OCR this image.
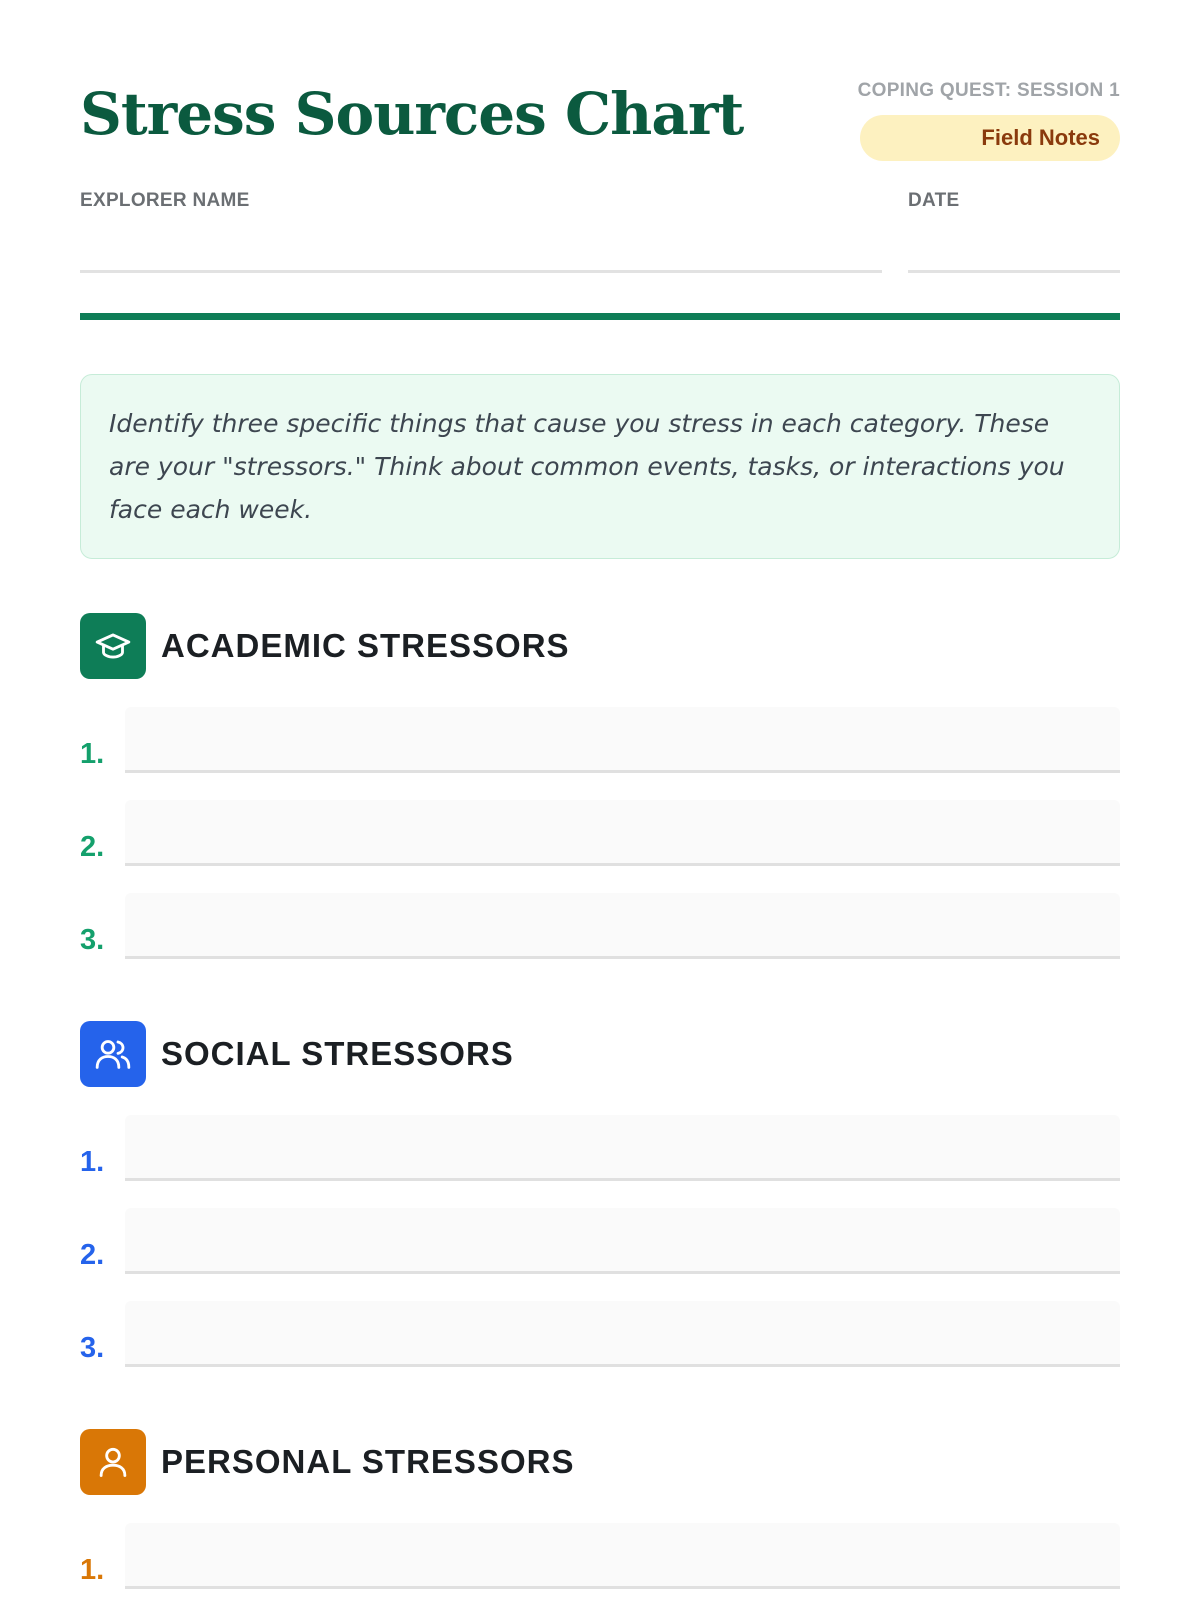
Stress Sources Chart	COPING QUEST: SESSION 1
Field Notes
EXPLORER NAME	DATE
Identify three specific things that cause you stress in each category. These are your "stressors." Think about common events, tasks, or interactions you face each week.
ACADEMIC STRESSORS
1.
2.
3.
SOCIAL STRESSORS
1.
2.
3.
PERSONAL STRESSORS
1.
